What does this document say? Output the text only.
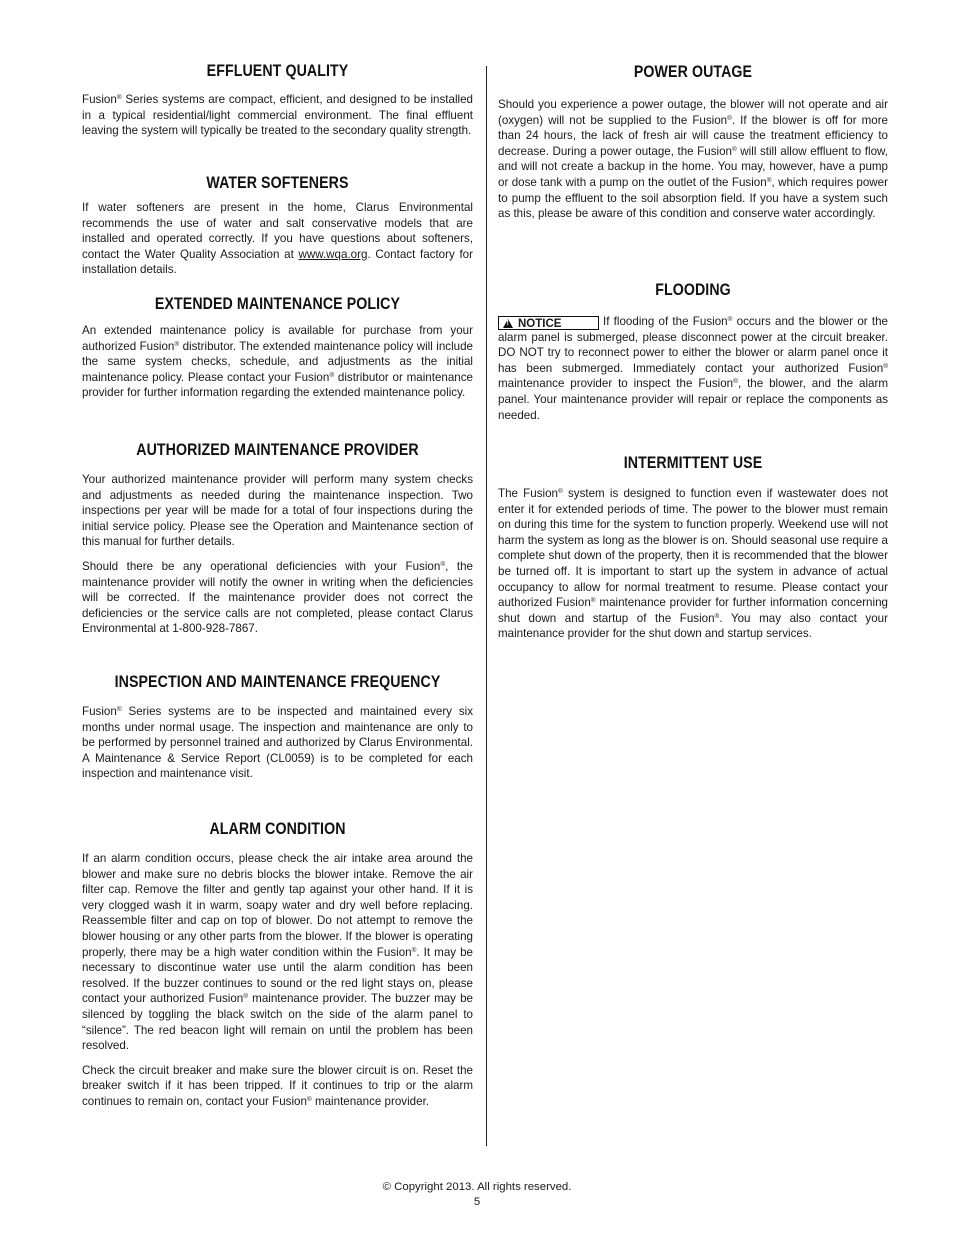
EFFLUENT QUALITY

Fusion® Series systems are compact, efficient, and designed to be installed in a typical residential/light commercial environment. The final effluent leaving the system will typically be treated to the secondary quality strength.

WATER SOFTENERS

If water softeners are present in the home, Clarus Environmental recommends the use of water and salt conservative models that are installed and operated correctly. If you have questions about softeners, contact the Water Quality Association at www.wqa.org. Contact factory for installation details.

EXTENDED MAINTENANCE POLICY

An extended maintenance policy is available for purchase from your authorized Fusion® distributor. The extended maintenance policy will include the same system checks, schedule, and adjustments as the initial maintenance policy. Please contact your Fusion® distributor or maintenance provider for further information regarding the extended maintenance policy.

AUTHORIZED MAINTENANCE PROVIDER

Your authorized maintenance provider will perform many system checks and adjustments as needed during the maintenance inspection. Two inspections per year will be made for a total of four inspections during the initial service policy. Please see the Operation and Maintenance section of this manual for further details.

Should there be any operational deficiencies with your Fusion®, the maintenance provider will notify the owner in writing when the deficiencies will be corrected. If the maintenance provider does not correct the deficiencies or the service calls are not completed, please contact Clarus Environmental at 1-800-928-7867.

INSPECTION AND MAINTENANCE FREQUENCY

Fusion® Series systems are to be inspected and maintained every six months under normal usage. The inspection and maintenance are only to be performed by personnel trained and authorized by Clarus Environmental. A Maintenance & Service Report (CL0059) is to be completed for each inspection and maintenance visit.

ALARM CONDITION

If an alarm condition occurs, please check the air intake area around the blower and make sure no debris blocks the blower intake. Remove the air filter cap. Remove the filter and gently tap against your other hand. If it is very clogged wash it in warm, soapy water and dry well before replacing. Reassemble filter and cap on top of blower. Do not attempt to remove the blower housing or any other parts from the blower. If the blower is operating properly, there may be a high water condition within the Fusion®. It may be necessary to discontinue water use until the alarm condition has been resolved. If the buzzer continues to sound or the red light stays on, please contact your authorized Fusion® maintenance provider. The buzzer may be silenced by toggling the black switch on the side of the alarm panel to “silence”. The red beacon light will remain on until the problem has been resolved.

Check the circuit breaker and make sure the blower circuit is on. Reset the breaker switch if it has been tripped. If it continues to trip or the alarm continues to remain on, contact your Fusion® maintenance provider.

POWER OUTAGE

Should you experience a power outage, the blower will not operate and air (oxygen) will not be supplied to the Fusion®. If the blower is off for more than 24 hours, the lack of fresh air will cause the treatment efficiency to decrease. During a power outage, the Fusion® will still allow effluent to flow, and will not create a backup in the home. You may, however, have a pump or dose tank with a pump on the outlet of the Fusion®, which requires power to pump the effluent to the soil absorption field. If you have a system such as this, please be aware of this condition and conserve water accordingly.

FLOODING

!NOTICE	If flooding of the Fusion® occurs and the blower or the alarm panel is submerged, please disconnect power at the circuit breaker. DO NOT try to reconnect power to either the blower or alarm panel once it has been submerged. Immediately contact your authorized Fusion® maintenance provider to inspect the Fusion®, the blower, and the alarm panel. Your maintenance provider will repair or replace the components as needed.

INTERMITTENT USE

The Fusion® system is designed to function even if wastewater does not enter it for extended periods of time. The power to the blower must remain on during this time for the system to function properly. Weekend use will not harm the system as long as the blower is on. Should seasonal use require a complete shut down of the property, then it is recommended that the blower be turned off. It is important to start up the system in advance of actual occupancy to allow for normal treatment to resume. Please contact your authorized Fusion® maintenance provider for further information concerning shut down and startup of the Fusion®. You may also contact your maintenance provider for the shut down and startup services.

© Copyright 2013. All rights reserved.
5
